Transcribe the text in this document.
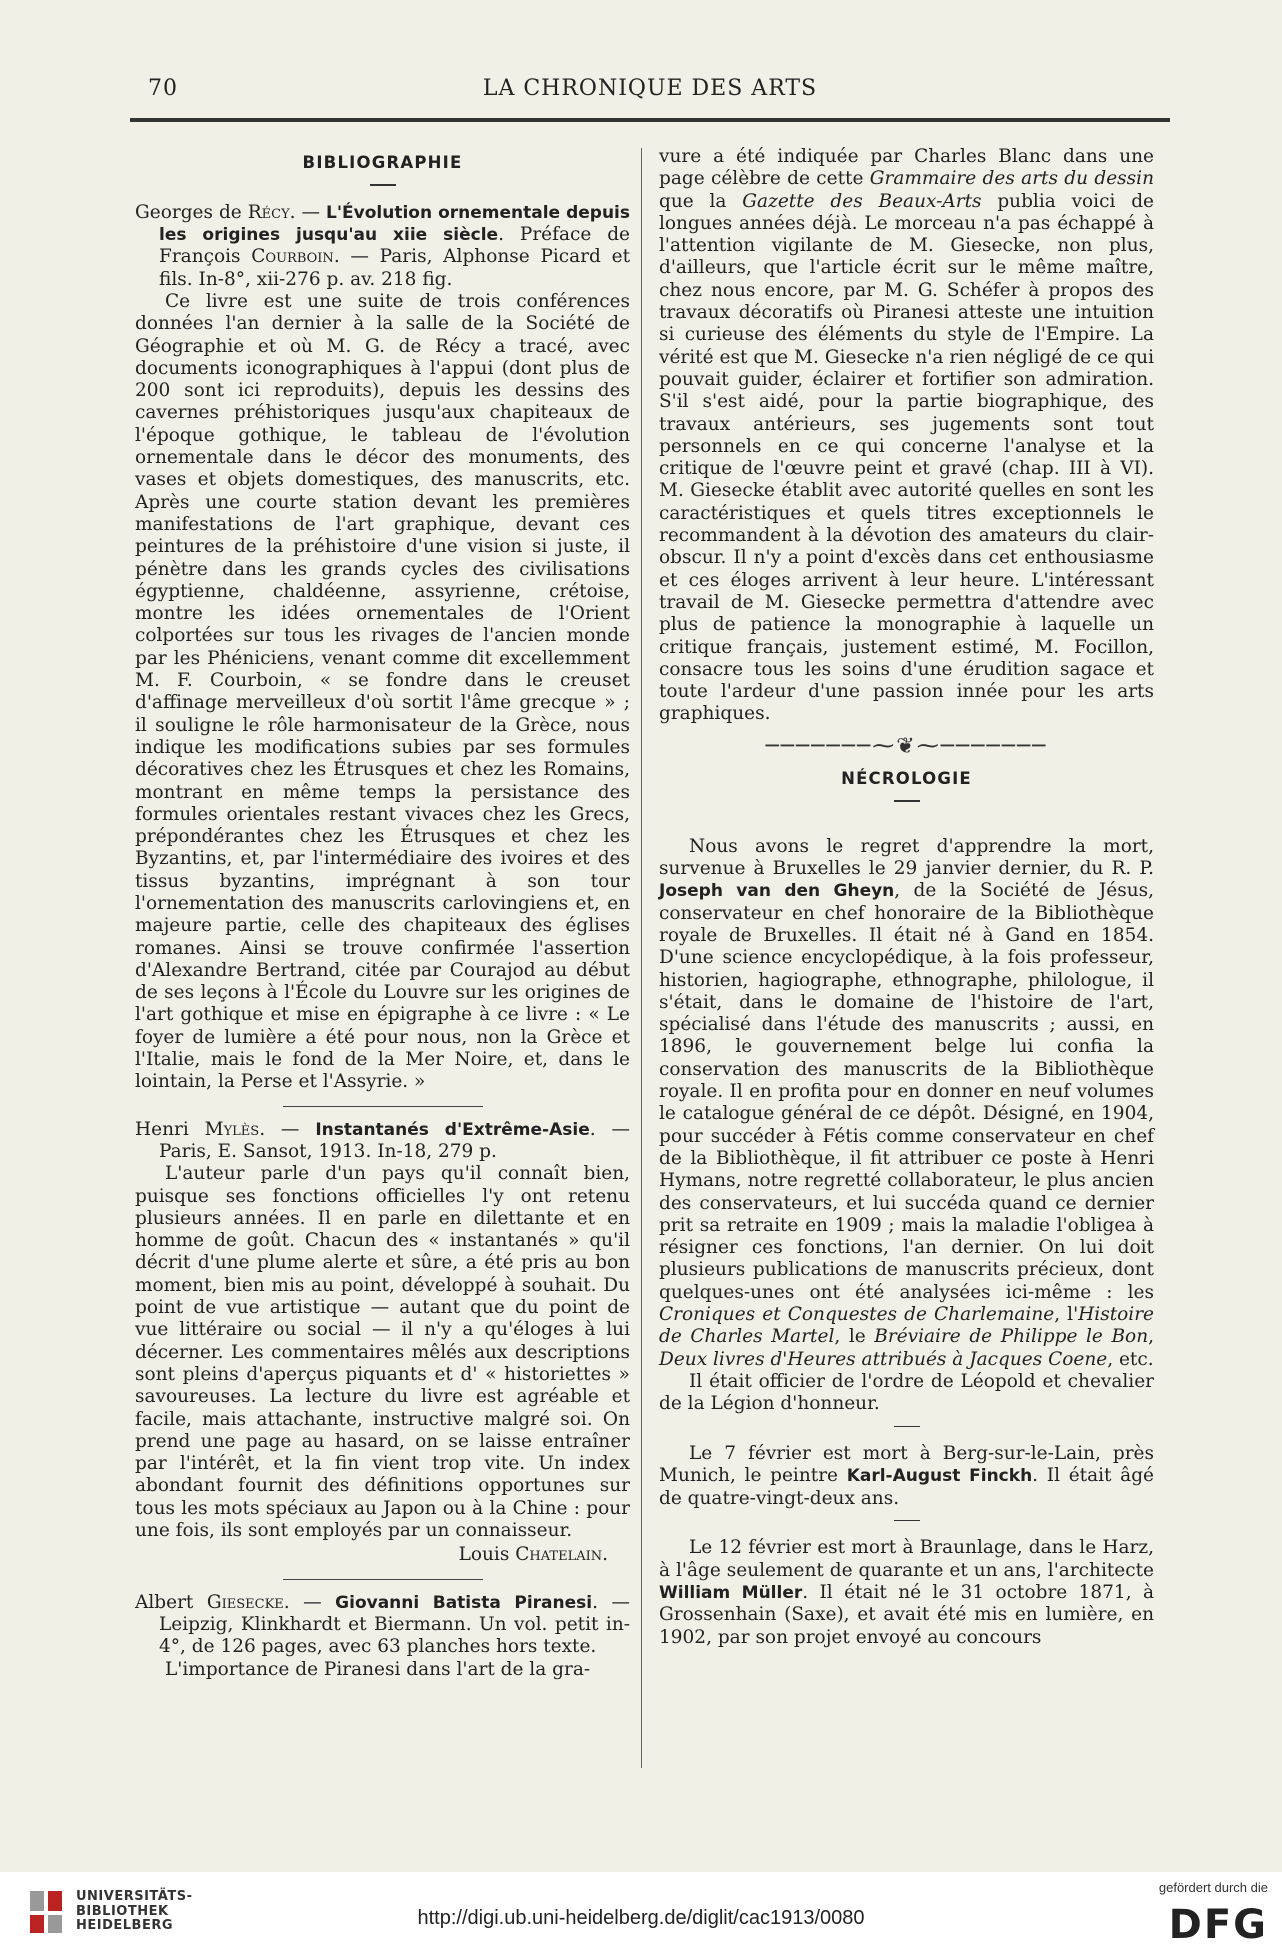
70	LA CHRONIQUE DES ARTS
BIBLIOGRAPHIE

Georges de Récy. — L'Évolution ornementale depuis les origines jusqu'au xiie siècle. Préface de François Courboin. — Paris, Alphonse Picard et fils. In-8°, xii-276 p. av. 218 fig.

Ce livre est une suite de trois conférences données l'an dernier à la salle de la Société de Géographie et où M. G. de Récy a tracé, avec documents iconographiques à l'appui (dont plus de 200 sont ici reproduits), depuis les dessins des cavernes préhistoriques jusqu'aux chapiteaux de l'époque gothique, le tableau de l'évolution ornementale dans le décor des monuments, des vases et objets domestiques, des manuscrits, etc. Après une courte station devant les premières manifestations de l'art graphique, devant ces peintures de la préhistoire d'une vision si juste, il pénètre dans les grands cycles des civilisations égyptienne, chaldéenne, assyrienne, crétoise, montre les idées ornementales de l'Orient colportées sur tous les rivages de l'ancien monde par les Phéniciens, venant comme dit excellemment M. F. Courboin, « se fondre dans le creuset d'affinage merveilleux d'où sortit l'âme grecque » ; il souligne le rôle harmonisateur de la Grèce, nous indique les modifications subies par ses formules décoratives chez les Étrusques et chez les Romains, montrant en même temps la persistance des formules orientales restant vivaces chez les Grecs, prépondérantes chez les Étrusques et chez les Byzantins, et, par l'intermédiaire des ivoires et des tissus byzantins, imprégnant à son tour l'ornementation des manuscrits carlovingiens et, en majeure partie, celle des chapiteaux des églises romanes. Ainsi se trouve confirmée l'assertion d'Alexandre Bertrand, citée par Courajod au début de ses leçons à l'École du Louvre sur les origines de l'art gothique et mise en épigraphe à ce livre : « Le foyer de lumière a été pour nous, non la Grèce et l'Italie, mais le fond de la Mer Noire, et, dans le lointain, la Perse et l'Assyrie. »

Henri Mylès. — Instantanés d'Extrême-Asie. — Paris, E. Sansot, 1913. In-18, 279 p.

L'auteur parle d'un pays qu'il connaît bien, puisque ses fonctions officielles l'y ont retenu plusieurs années. Il en parle en dilettante et en homme de goût. Chacun des « instantanés » qu'il décrit d'une plume alerte et sûre, a été pris au bon moment, bien mis au point, développé à souhait. Du point de vue artistique — autant que du point de vue littéraire ou social — il n'y a qu'éloges à lui décerner. Les commentaires mêlés aux descriptions sont pleins d'aperçus piquants et d' « historiettes » savoureuses. La lecture du livre est agréable et facile, mais attachante, instructive malgré soi. On prend une page au hasard, on se laisse entraîner par l'intérêt, et la fin vient trop vite. Un index abondant fournit des définitions opportunes sur tous les mots spéciaux au Japon ou à la Chine : pour une fois, ils sont employés par un connaisseur.

Louis Chatelain.

Albert Giesecke. — Giovanni Batista Piranesi. — Leipzig, Klinkhardt et Biermann. Un vol. petit in-4°, de 126 pages, avec 63 planches hors texte.

L'importance de Piranesi dans l'art de la gra-

vure a été indiquée par Charles Blanc dans une page célèbre de cette Grammaire des arts du dessin que la Gazette des Beaux-Arts publia voici de longues années déjà. Le morceau n'a pas échappé à l'attention vigilante de M. Giesecke, non plus, d'ailleurs, que l'article écrit sur le même maître, chez nous encore, par M. G. Schéfer à propos des travaux décoratifs où Piranesi atteste une intuition si curieuse des éléments du style de l'Empire. La vérité est que M. Giesecke n'a rien négligé de ce qui pouvait guider, éclairer et fortifier son admiration. S'il s'est aidé, pour la partie biographique, des travaux antérieurs, ses jugements sont tout personnels en ce qui concerne l'analyse et la critique de l'œuvre peint et gravé (chap. III à VI). M. Giesecke établit avec autorité quelles en sont les caractéristiques et quels titres exceptionnels le recommandent à la dévotion des amateurs du clair-obscur. Il n'y a point d'excès dans cet enthousiasme et ces éloges arrivent à leur heure. L'intéressant travail de M. Giesecke permettra d'attendre avec plus de patience la monographie à laquelle un critique français, justement estimé, M. Focillon, consacre tous les soins d'une érudition sagace et toute l'ardeur d'une passion innée pour les arts graphiques.

───────⁓❦⁓───────
NÉCROLOGIE

Nous avons le regret d'apprendre la mort, survenue à Bruxelles le 29 janvier dernier, du R. P. Joseph van den Gheyn, de la Société de Jésus, conservateur en chef honoraire de la Bibliothèque royale de Bruxelles. Il était né à Gand en 1854. D'une science encyclopédique, à la fois professeur, historien, hagiographe, ethnographe, philologue, il s'était, dans le domaine de l'histoire de l'art, spécialisé dans l'étude des manuscrits ; aussi, en 1896, le gouvernement belge lui confia la conservation des manuscrits de la Bibliothèque royale. Il en profita pour en donner en neuf volumes le catalogue général de ce dépôt. Désigné, en 1904, pour succéder à Fétis comme conservateur en chef de la Bibliothèque, il fit attribuer ce poste à Henri Hymans, notre regretté collaborateur, le plus ancien des conservateurs, et lui succéda quand ce dernier prit sa retraite en 1909 ; mais la maladie l'obligea à résigner ces fonctions, l'an dernier. On lui doit plusieurs publications de manuscrits précieux, dont quelques-unes ont été analysées ici-même : les Croniques et Conquestes de Charlemaine, l'Histoire de Charles Martel, le Bréviaire de Philippe le Bon, Deux livres d'Heures attribués à Jacques Coene, etc.

Il était officier de l'ordre de Léopold et chevalier de la Légion d'honneur.

Le 7 février est mort à Berg-sur-le-Lain, près Munich, le peintre Karl-August Finckh. Il était âgé de quatre-vingt-deux ans.

Le 12 février est mort à Braunlage, dans le Harz, à l'âge seulement de quarante et un ans, l'architecte William Müller. Il était né le 31 octobre 1871, à Grossenhain (Saxe), et avait été mis en lumière, en 1902, par son projet envoyé au concours

UNIVERSITÄTS-
BIBLIOTHEK
HEIDELBERG	http://digi.ub.uni-heidelberg.de/diglit/cac1913/0080
gefördert durch die
DFG
